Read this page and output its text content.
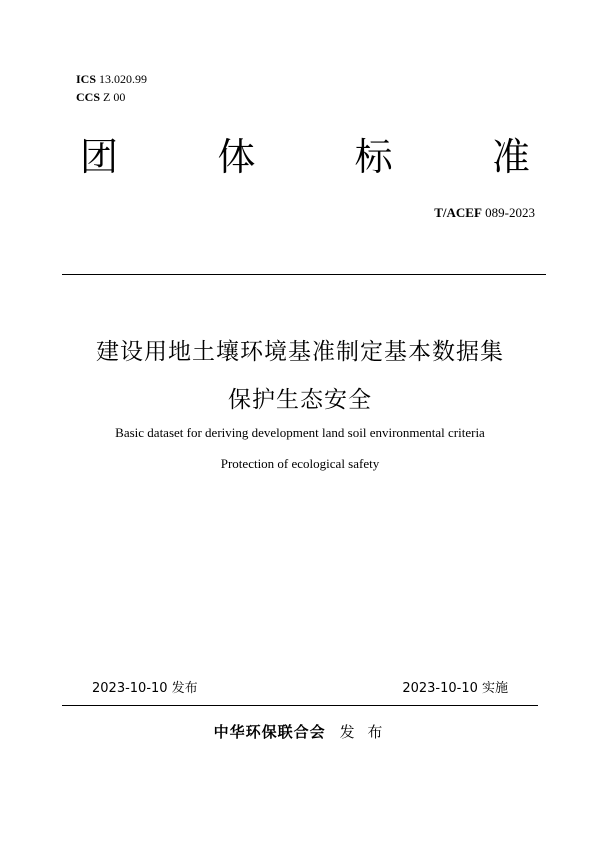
ICS 13.020.99
CCS Z 00
团	体	标	准
T/ACEF 089-2023
建设用地土壤环境基准制定基本数据集
保护生态安全
Basic dataset for deriving development land soil environmental criteria
Protection of ecological safety
2023-10-10 发布	2023-10-10 实施
中华环保联合会 发 布
